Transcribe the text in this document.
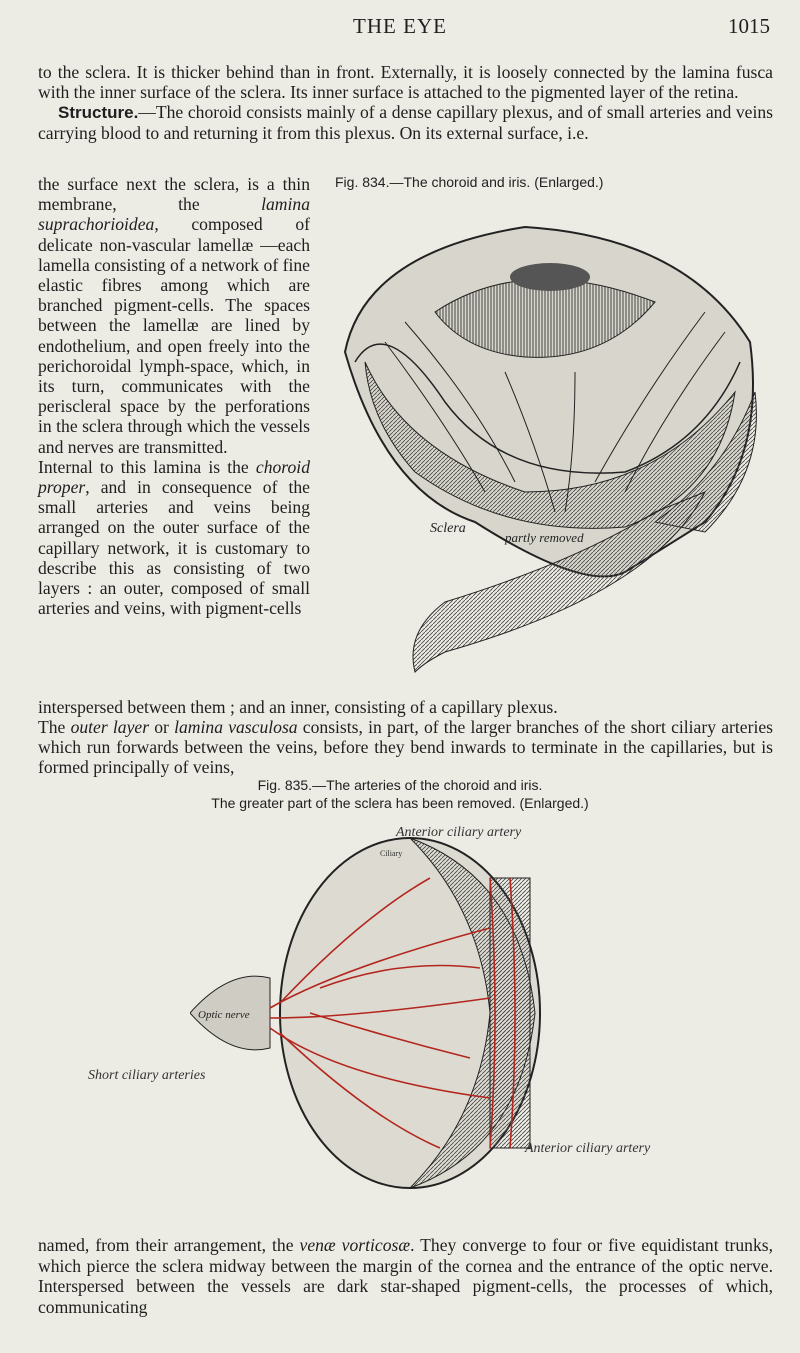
THE EYE	1015

to the sclera. It is thicker behind than in front. Externally, it is loosely connected by the lamina fusca with the inner surface of the sclera. Its inner surface is attached to the pigmented layer of the retina.

Structure.—The choroid consists mainly of a dense capillary plexus, and of small arteries and veins carrying blood to and returning it from this plexus. On its external surface, i.e.

the surface next the sclera, is a thin membrane, the lamina suprachorioidea, composed of delicate non-vascular lamellæ —each lamella consisting of a network of fine elastic fibres among which are branched pigment-cells. The spaces between the lamellæ are lined by endothelium, and open freely into the perichoroidal lymph-space, which, in its turn, communicates with the periscleral space by the perforations in the sclera through which the vessels and nerves are transmitted.

Internal to this lamina is the choroid proper, and in consequence of the small arteries and veins being arranged on the outer surface of the capillary network, it is customary to describe this as consisting of two layers : an outer, composed of small arteries and veins, with pigment-cells

Fig. 834.—The choroid and iris. (Enlarged.)
Sclera
partly removed

interspersed between them ; and an inner, consisting of a capillary plexus.

The outer layer or lamina vasculosa consists, in part, of the larger branches of the short ciliary arteries which run forwards between the veins, before they bend inwards to terminate in the capillaries, but is formed principally of veins,

Fig. 835.—The arteries of the choroid and iris.
The greater part of the sclera has been removed. (Enlarged.)
Optic nerve
Ciliary
Anterior ciliary artery
Short ciliary arteries
Anterior ciliary artery

named, from their arrangement, the venæ vorticosæ. They converge to four or five equidistant trunks, which pierce the sclera midway between the margin of the cornea and the entrance of the optic nerve. Interspersed between the vessels are dark star-shaped pigment-cells, the processes of which, communicating
